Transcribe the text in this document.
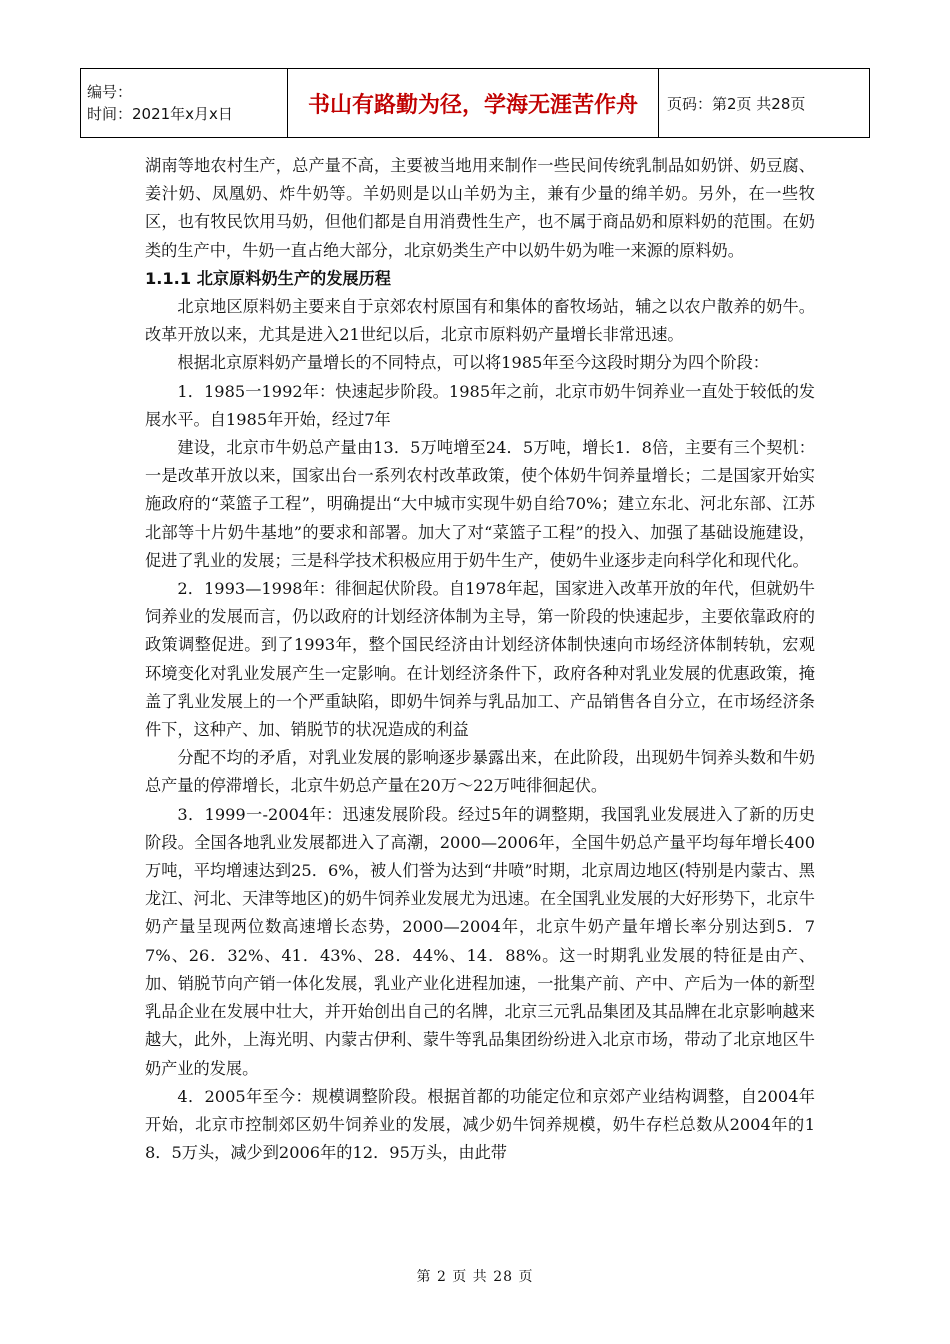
编号：
时间：2021年x月x日	书山有路勤为径，学海无涯苦作舟	页码：第2页 共28页

湖南等地农村生产，总产量不高，主要被当地用来制作一些民间传统乳制品如奶饼、奶豆腐、姜汁奶、凤凰奶、炸牛奶等。羊奶则是以山羊奶为主，兼有少量的绵羊奶。另外，在一些牧区，也有牧民饮用马奶，但他们都是自用消费性生产，也不属于商品奶和原料奶的范围。在奶类的生产中，牛奶一直占绝大部分，北京奶类生产中以奶牛奶为唯一来源的原料奶。

1.1.1 北京原料奶生产的发展历程

北京地区原料奶主要来自于京郊农村原国有和集体的畜牧场站，辅之以农户散养的奶牛。改革开放以来，尤其是进入21世纪以后，北京市原料奶产量增长非常迅速。

根据北京原料奶产量增长的不同特点，可以将1985年至今这段时期分为四个阶段：

1．1985一1992年：快速起步阶段。1985年之前，北京市奶牛饲养业一直处于较低的发展水平。自1985年开始，经过7年

建设，北京市牛奶总产量由13．5万吨增至24．5万吨，增长1．8倍，主要有三个契机：一是改革开放以来，国家出台一系列农村改革政策，使个体奶牛饲养量增长；二是国家开始实施政府的“菜篮子工程”，明确提出“大中城市实现牛奶自给70%；建立东北、河北东部、江苏北部等十片奶牛基地”的要求和部署。加大了对“菜篮子工程”的投入、加强了基础设施建设，促进了乳业的发展；三是科学技术积极应用于奶牛生产，使奶牛业逐步走向科学化和现代化。

2．1993—1998年：徘徊起伏阶段。自1978年起，国家进入改革开放的年代，但就奶牛饲养业的发展而言，仍以政府的计划经济体制为主导，第一阶段的快速起步，主要依靠政府的政策调整促进。到了1993年，整个国民经济由计划经济体制快速向市场经济体制转轨，宏观环境变化对乳业发展产生一定影响。在计划经济条件下，政府各种对乳业发展的优惠政策，掩盖了乳业发展上的一个严重缺陷，即奶牛饲养与乳品加工、产品销售各自分立，在市场经济条件下，这种产、加、销脱节的状况造成的利益

分配不均的矛盾，对乳业发展的影响逐步暴露出来，在此阶段，出现奶牛饲养头数和牛奶总产量的停滞增长，北京牛奶总产量在20万～22万吨徘徊起伏。

3．1999一-2004年：迅速发展阶段。经过5年的调整期，我国乳业发展进入了新的历史阶段。全国各地乳业发展都进入了高潮，2000—2006年，全国牛奶总产量平均每年增长400万吨，平均增速达到25．6%，被人们誉为达到“井喷”时期，北京周边地区(特别是内蒙古、黑龙江、河北、天津等地区)的奶牛饲养业发展尤为迅速。在全国乳业发展的大好形势下，北京牛奶产量呈现两位数高速增长态势，2000—2004年，北京牛奶产量年增长率分别达到5．77%、26．32%、41．43%、28．44%、14．88%。这一时期乳业发展的特征是由产、加、销脱节向产销一体化发展，乳业产业化进程加速，一批集产前、产中、产后为一体的新型乳品企业在发展中壮大，并开始创出自己的名牌，北京三元乳品集团及其品牌在北京影响越来越大，此外，上海光明、内蒙古伊利、蒙牛等乳品集团纷纷进入北京市场，带动了北京地区牛奶产业的发展。

4．2005年至今：规模调整阶段。根据首都的功能定位和京郊产业结构调整，自2004年开始，北京市控制郊区奶牛饲养业的发展，减少奶牛饲养规模，奶牛存栏总数从2004年的18．5万头，减少到2006年的12．95万头，由此带

第 2 页 共 28 页
